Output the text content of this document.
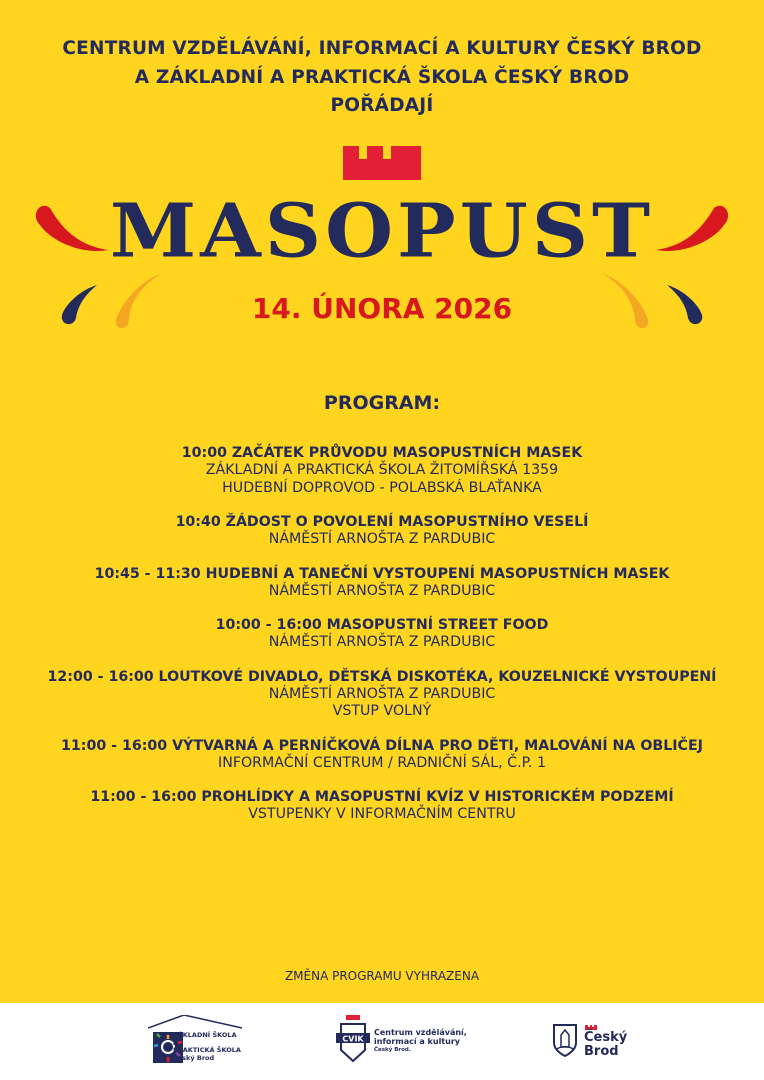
CENTRUM VZDĚLÁVÁNÍ, INFORMACÍ A KULTURY ČESKÝ BROD
A ZÁKLADNÍ A PRAKTICKÁ ŠKOLA ČESKÝ BROD
POŘÁDAJÍ
MASOPUST
14. ÚNORA 2026
PROGRAM:
10:00 ZAČÁTEK PRŮVODU MASOPUSTNÍCH MASEK
ZÁKLADNÍ A PRAKTICKÁ ŠKOLA ŽITOMÍŘSKÁ 1359
HUDEBNÍ DOPROVOD - POLABSKÁ BLAŤANKA
10:40 ŽÁDOST O POVOLENÍ MASOPUSTNÍHO VESELÍ
NÁMĚSTÍ ARNOŠTA Z PARDUBIC
10:45 - 11:30 HUDEBNÍ A TANEČNÍ VYSTOUPENÍ MASOPUSTNÍCH MASEK
NÁMĚSTÍ ARNOŠTA Z PARDUBIC
10:00 - 16:00 MASOPUSTNÍ STREET FOOD
NÁMĚSTÍ ARNOŠTA Z PARDUBIC
12:00 - 16:00 LOUTKOVÉ DIVADLO, DĚTSKÁ DISKOTÉKA, KOUZELNICKÉ VYSTOUPENÍ
NÁMĚSTÍ ARNOŠTA Z PARDUBIC
VSTUP VOLNÝ
11:00 - 16:00 VÝTVARNÁ A PERNÍČKOVÁ DÍLNA PRO DĚTI, MALOVÁNÍ NA OBLIČEJ
INFORMAČNÍ CENTRUM / RADNIČNÍ SÁL, Č.P. 1
11:00 - 16:00 PROHLÍDKY A MASOPUSTNÍ KVÍZ V HISTORICKÉM PODZEMÍ
VSTUPENKY V INFORMAČNÍM CENTRU
ZMĚNA PROGRAMU VYHRAZENA
ZÁKLADNÍ ŠKOLA
a
PRAKTICKÁ ŠKOLA
Český Brod
CVIK
Centrum vzdělávání,
informací a kultury
Český Brod.
Český
Brod
